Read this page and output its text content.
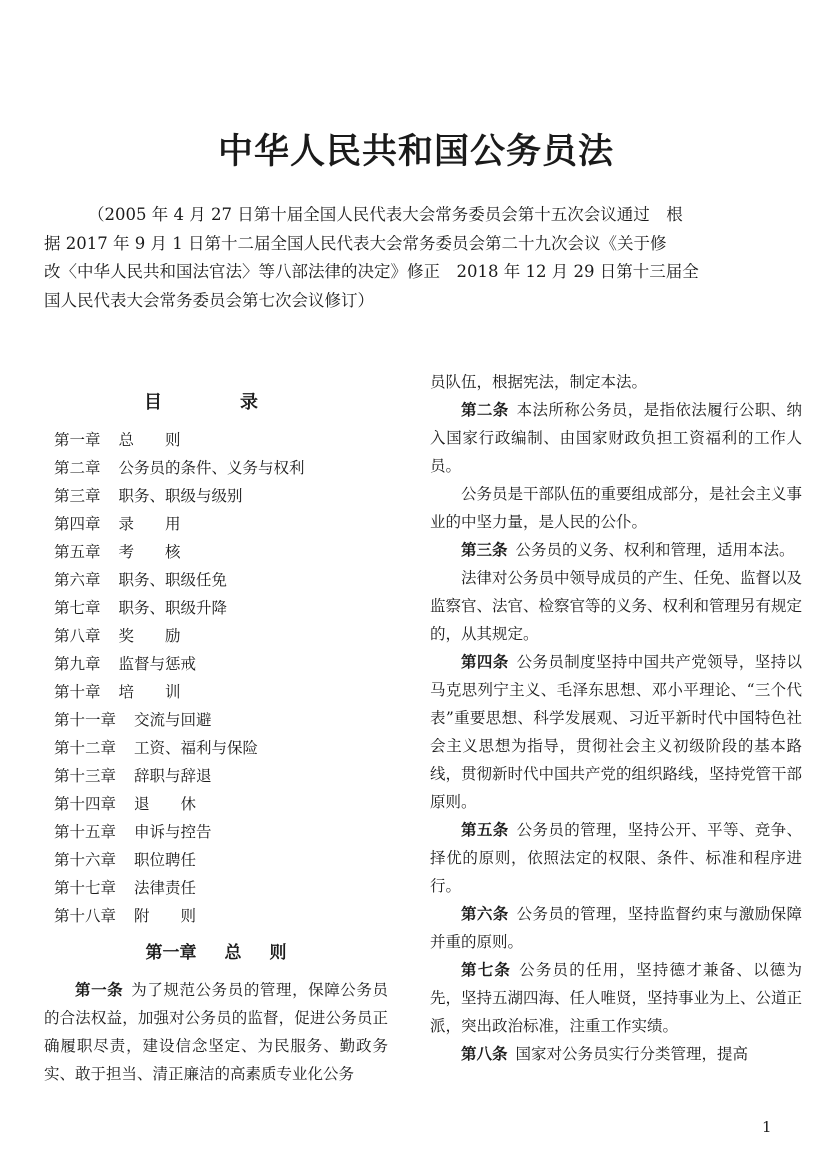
中华人民共和国公务员法
（2005 年 4 月 27 日第十届全国人民代表大会常务委员会第十五次会议通过　根
据 2017 年 9 月 1 日第十二届全国人民代表大会常务委员会第二十九次会议《关于修
改〈中华人民共和国法官法〉等八部法律的决定》修正　2018 年 12 月 29 日第十三届全
国人民代表大会常务委员会第七次会议修订）
目　录
第一章 总　　则
第二章 公务员的条件、义务与权利
第三章 职务、职级与级别
第四章 录　　用
第五章 考　　核
第六章 职务、职级任免
第七章 职务、职级升降
第八章 奖　　励
第九章 监督与惩戒
第十章 培　　训
第十一章 交流与回避
第十二章 工资、福利与保险
第十三章 辞职与辞退
第十四章 退　　休
第十五章 申诉与控告
第十六章 职位聘任
第十七章 法律责任
第十八章 附　　则
第一章 总 则

第一条 为了规范公务员的管理，保障公务员的合法权益，加强对公务员的监督，促进公务员正确履职尽责，建设信念坚定、为民服务、勤政务实、敢于担当、清正廉洁的高素质专业化公务

员队伍，根据宪法，制定本法。

第二条 本法所称公务员，是指依法履行公职、纳入国家行政编制、由国家财政负担工资福利的工作人员。

公务员是干部队伍的重要组成部分，是社会主义事业的中坚力量，是人民的公仆。

第三条 公务员的义务、权利和管理，适用本法。

法律对公务员中领导成员的产生、任免、监督以及监察官、法官、检察官等的义务、权利和管理另有规定的，从其规定。

第四条 公务员制度坚持中国共产党领导，坚持以马克思列宁主义、毛泽东思想、邓小平理论、“三个代表”重要思想、科学发展观、习近平新时代中国特色社会主义思想为指导，贯彻社会主义初级阶段的基本路线，贯彻新时代中国共产党的组织路线，坚持党管干部原则。

第五条 公务员的管理，坚持公开、平等、竞争、择优的原则，依照法定的权限、条件、标准和程序进行。

第六条 公务员的管理，坚持监督约束与激励保障并重的原则。

第七条 公务员的任用，坚持德才兼备、以德为先，坚持五湖四海、任人唯贤，坚持事业为上、公道正派，突出政治标准，注重工作实绩。

第八条 国家对公务员实行分类管理，提高

1
